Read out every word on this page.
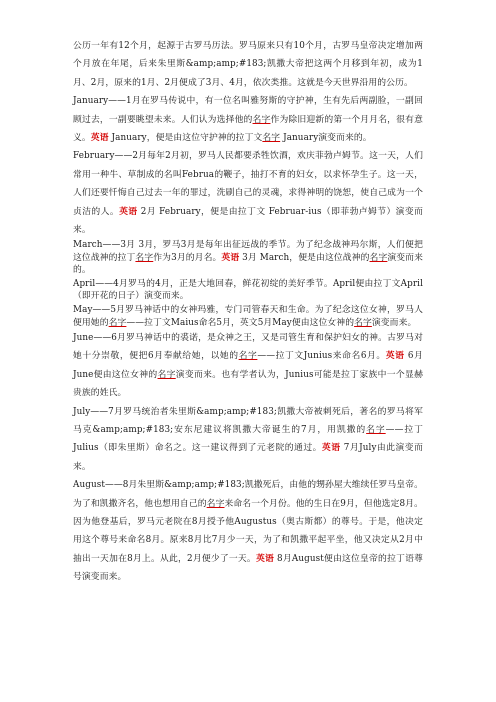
公历一年有12个月，起源于古罗马历法。罗马原来只有10个月，古罗马皇帝决定增加两个月放在年尾，后来朱里斯&amp;amp;#183;凯撒大帝把这两个月移到年初，成为1月、2月，原来的1月、2月便成了3月、4月，依次类推。这就是今天世界沿用的公历。

January——1月在罗马传说中，有一位名叫雅努斯的守护神，生有先后两副脸，一副回顾过去，一副要眺望未来。人们认为选择他的名字作为除旧迎新的第一个月月名，很有意义。英语 January，便是由这位守护神的拉丁文名字 January演变而来的。

February——2月每年2月初，罗马人民都要杀牲饮酒，欢庆菲勃卢姆节。这一天，人们常用一种牛、草制成的名叫Februa的鞭子，抽打不育的妇女，以求怀孕生子。这一天，人们还要忏悔自己过去一年的罪过，洗刷自己的灵魂，求得神明的饶恕，使自己成为一个贞洁的人。英语 2月 February，便是由拉丁文 Februar-ius（即菲勃卢姆节）演变而来。

March——3月 3月，罗马3月是每年出征远战的季节。为了纪念战神玛尔斯，人们便把这位战神的拉丁名字作为3月的月名。英语 3月 March，便是由这位战神的名字演变而来的。

April——4月罗马的4月，正是大地回春，鲜花初绽的美好季节。April便由拉丁文April（即开花的日子）演变而来。

May——5月罗马神话中的女神玛雅，专门司管春天和生命。为了纪念这位女神，罗马人便用她的名字——拉丁文Maius命名5月，英文5月May便由这位女神的名字演变而来。

June——6月罗马神话中的裘诺，是众神之王，又是司管生育和保护妇女的神。古罗马对她十分崇敬，便把6月奉献给她，以她的名字——拉丁文Junius来命名6月。英语 6月June便由这位女神的名字演变而来。也有学者认为，Junius可能是拉丁家族中一个显赫贵族的姓氏。

July——7月罗马统治者朱里斯&amp;amp;#183;凯撒大帝被刺死后，著名的罗马将军马克&amp;amp;#183;安东尼建议将凯撒大帝诞生的7月，用凯撒的名字——拉丁Julius（即朱里斯）命名之。这一建议得到了元老院的通过。英语 7月July由此演变而来。

August——8月朱里斯&amp;amp;#183;凯撒死后，由他的甥孙屋大维续任罗马皇帝。为了和凯撒齐名，他也想用自己的名字来命名一个月份。他的生日在9月，但他选定8月。因为他登基后，罗马元老院在8月授予他Augustus（奥古斯都）的尊号。于是，他决定用这个尊号来命名8月。原来8月比7月少一天，为了和凯撒平起平坐，他又决定从2月中抽出一天加在8月上。从此，2月便少了一天。英语 8月August便由这位皇帝的拉丁语尊号演变而来。
